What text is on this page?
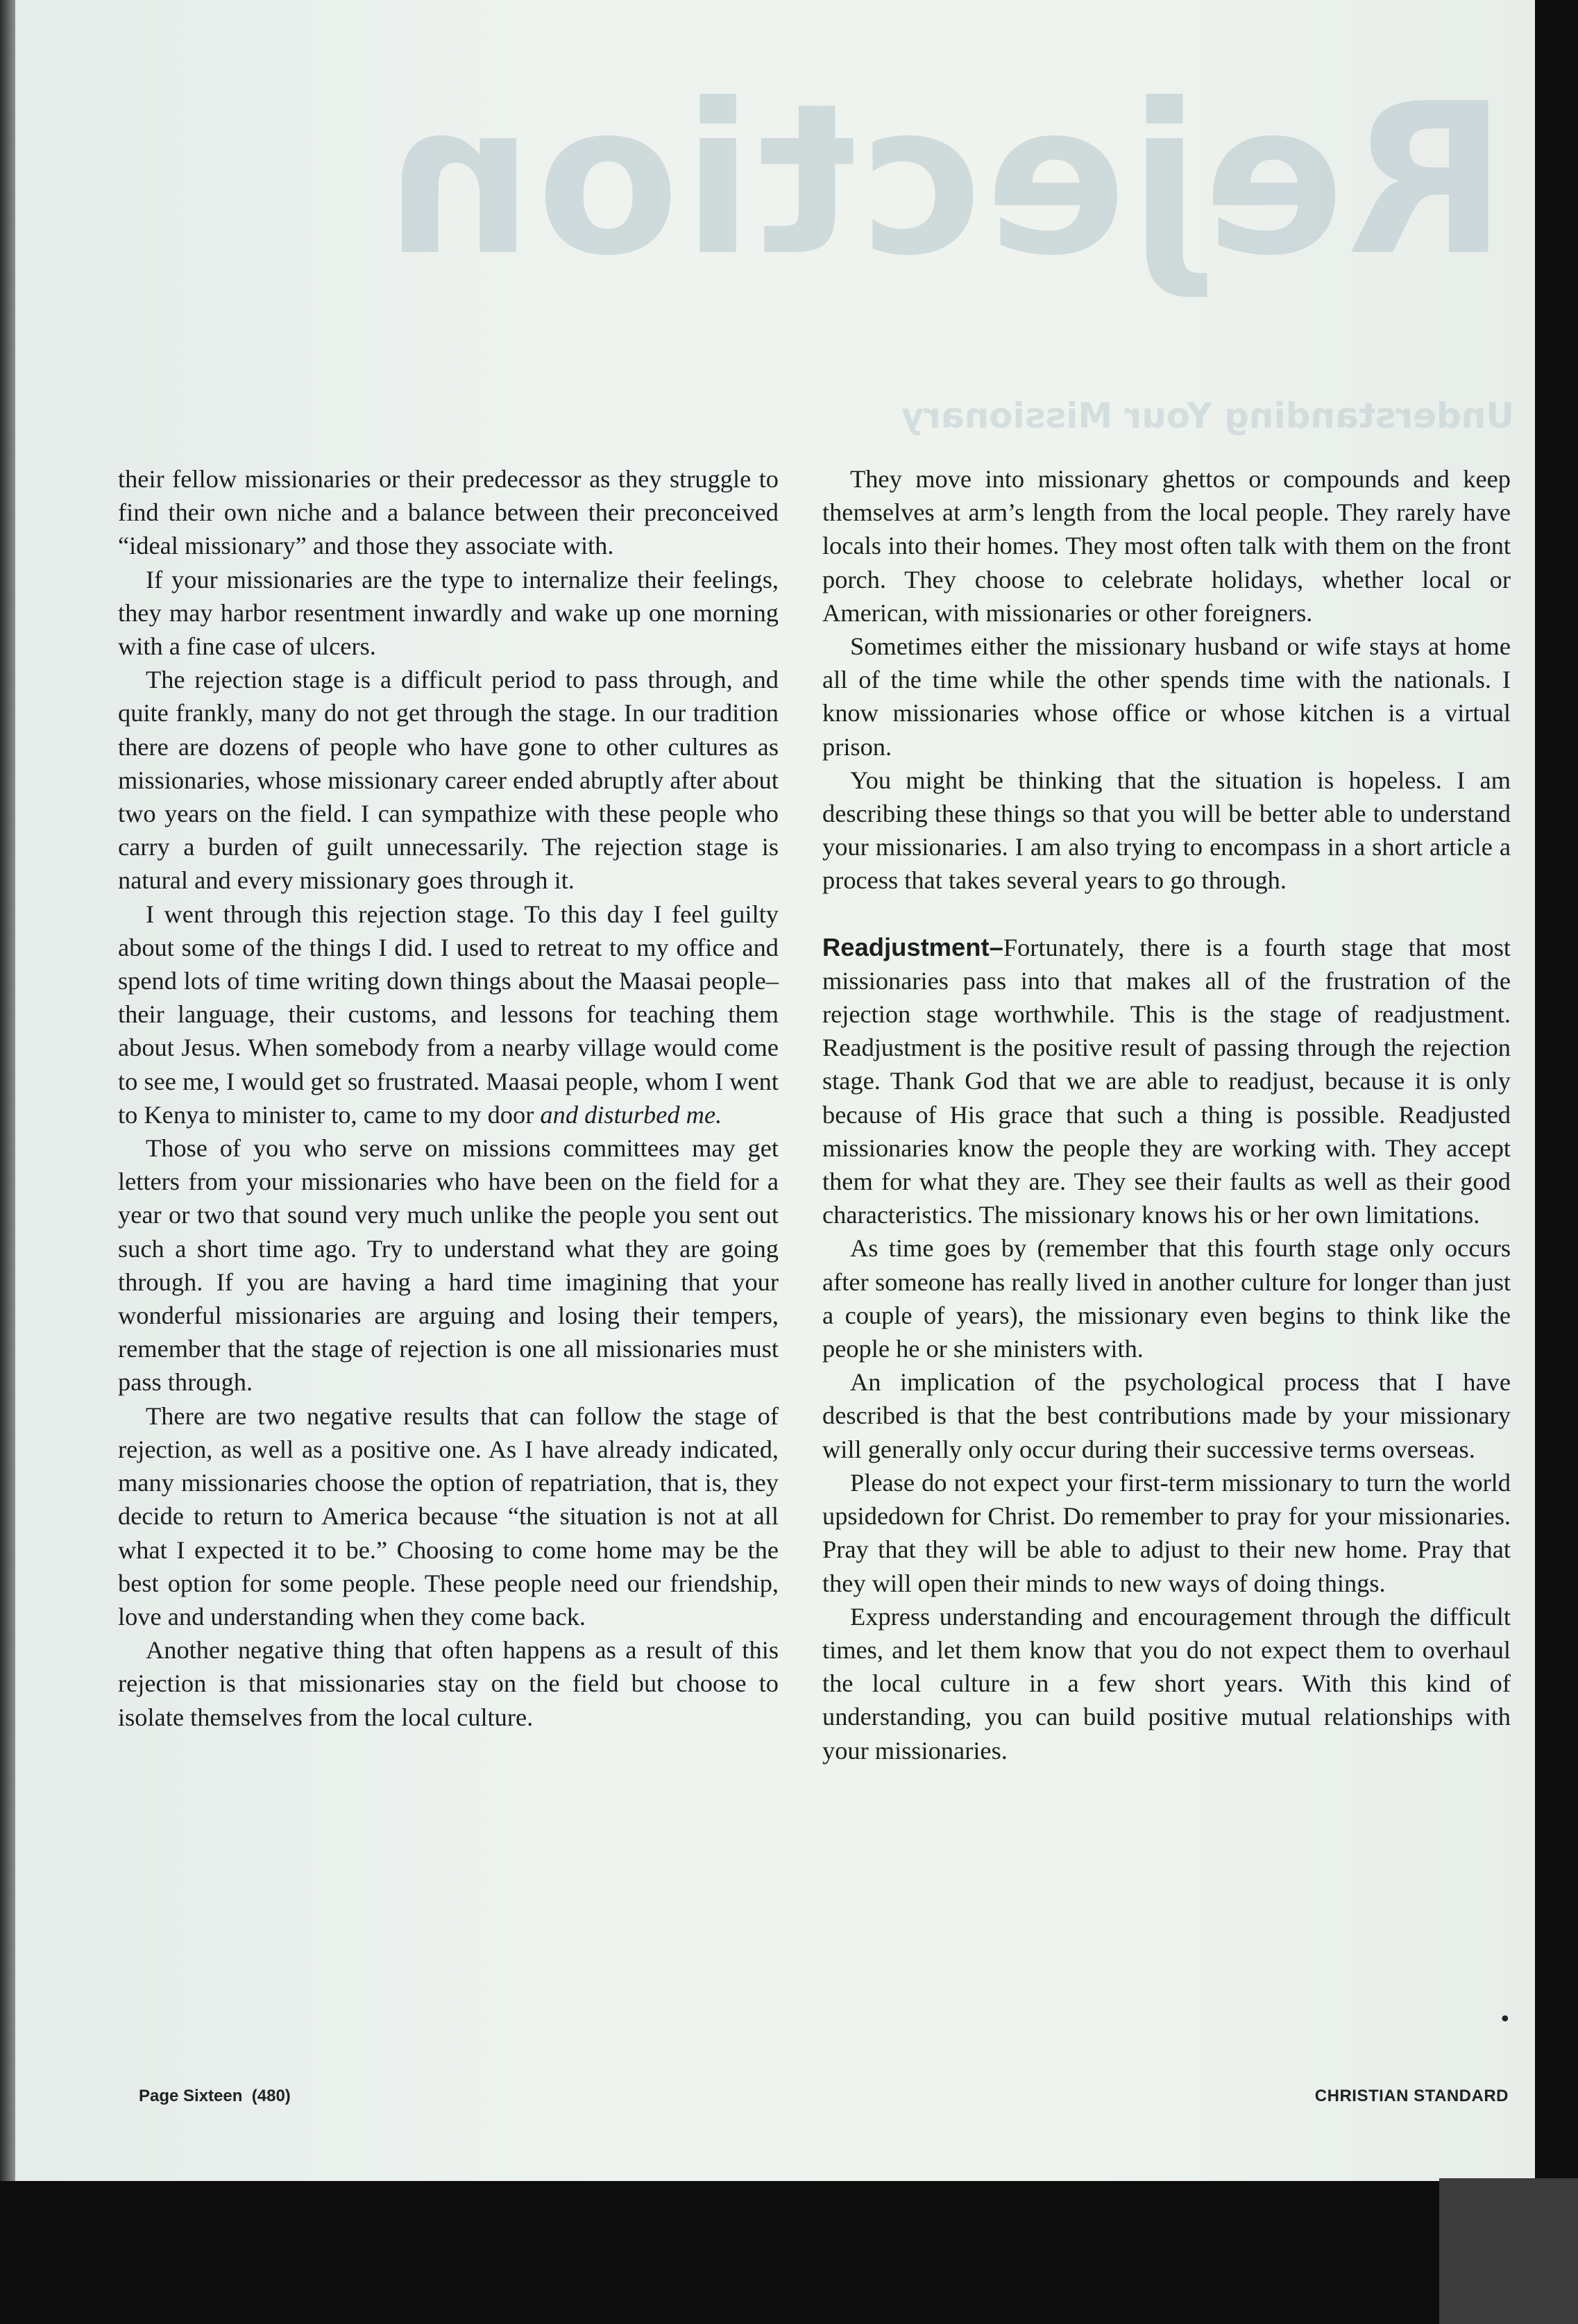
Rejection
Understanding Your Missionary

their fellow missionaries or their predecessor as they struggle to find their own niche and a balance between their preconceived “ideal missionary” and those they associate with.

If your missionaries are the type to internalize their feelings, they may harbor resentment inwardly and wake up one morning with a fine case of ulcers.

The rejection stage is a difficult period to pass through, and quite frankly, many do not get through the stage. In our tradition there are dozens of people who have gone to other cultures as missionaries, whose missionary career ended abruptly after about two years on the field. I can sympathize with these people who carry a burden of guilt unnecessarily. The rejection stage is natural and every missionary goes through it.

I went through this rejection stage. To this day I feel guilty about some of the things I did. I used to retreat to my office and spend lots of time writing down things about the Maasai people–their language, their customs, and lessons for teaching them about Jesus. When somebody from a nearby village would come to see me, I would get so frustrated. Maasai people, whom I went to Kenya to minister to, came to my door and disturbed me.

Those of you who serve on missions committees may get letters from your missionaries who have been on the field for a year or two that sound very much unlike the people you sent out such a short time ago. Try to understand what they are going through. If you are having a hard time imagining that your wonderful missionaries are arguing and losing their tempers, remember that the stage of rejection is one all missionaries must pass through.

There are two negative results that can follow the stage of rejection, as well as a positive one. As I have already indicated, many missionaries choose the option of repatriation, that is, they decide to return to America because “the situation is not at all what I expected it to be.” Choosing to come home may be the best option for some people. These people need our friendship, love and understanding when they come back.

Another negative thing that often happens as a result of this rejection is that missionaries stay on the field but choose to isolate themselves from the local culture.

They move into missionary ghettos or compounds and keep themselves at arm’s length from the local people. They rarely have locals into their homes. They most often talk with them on the front porch. They choose to celebrate holidays, whether local or American, with missionaries or other foreigners.

Sometimes either the missionary husband or wife stays at home all of the time while the other spends time with the nationals. I know missionaries whose office or whose kitchen is a virtual prison.

You might be thinking that the situation is hopeless. I am describing these things so that you will be better able to understand your missionaries. I am also trying to encompass in a short article a process that takes several years to go through.

Readjustment–Fortunately, there is a fourth stage that most missionaries pass into that makes all of the frustration of the rejection stage worthwhile. This is the stage of readjustment. Readjustment is the positive result of passing through the rejection stage. Thank God that we are able to readjust, because it is only because of His grace that such a thing is possible. Readjusted missionaries know the people they are working with. They accept them for what they are. They see their faults as well as their good characteristics. The missionary knows his or her own limitations.

As time goes by (remember that this fourth stage only occurs after someone has really lived in another culture for longer than just a couple of years), the missionary even begins to think like the people he or she ministers with.

An implication of the psychological process that I have described is that the best contributions made by your missionary will generally only occur during their successive terms overseas.

Please do not expect your first-term missionary to turn the world upsidedown for Christ. Do remember to pray for your missionaries. Pray that they will be able to adjust to their new home. Pray that they will open their minds to new ways of doing things.

Express understanding and encouragement through the difficult times, and let them know that you do not expect them to overhaul the local culture in a few short years. With this kind of understanding, you can build positive mutual relationships with your missionaries.

•
Page Sixteen (480)	CHRISTIAN STANDARD
